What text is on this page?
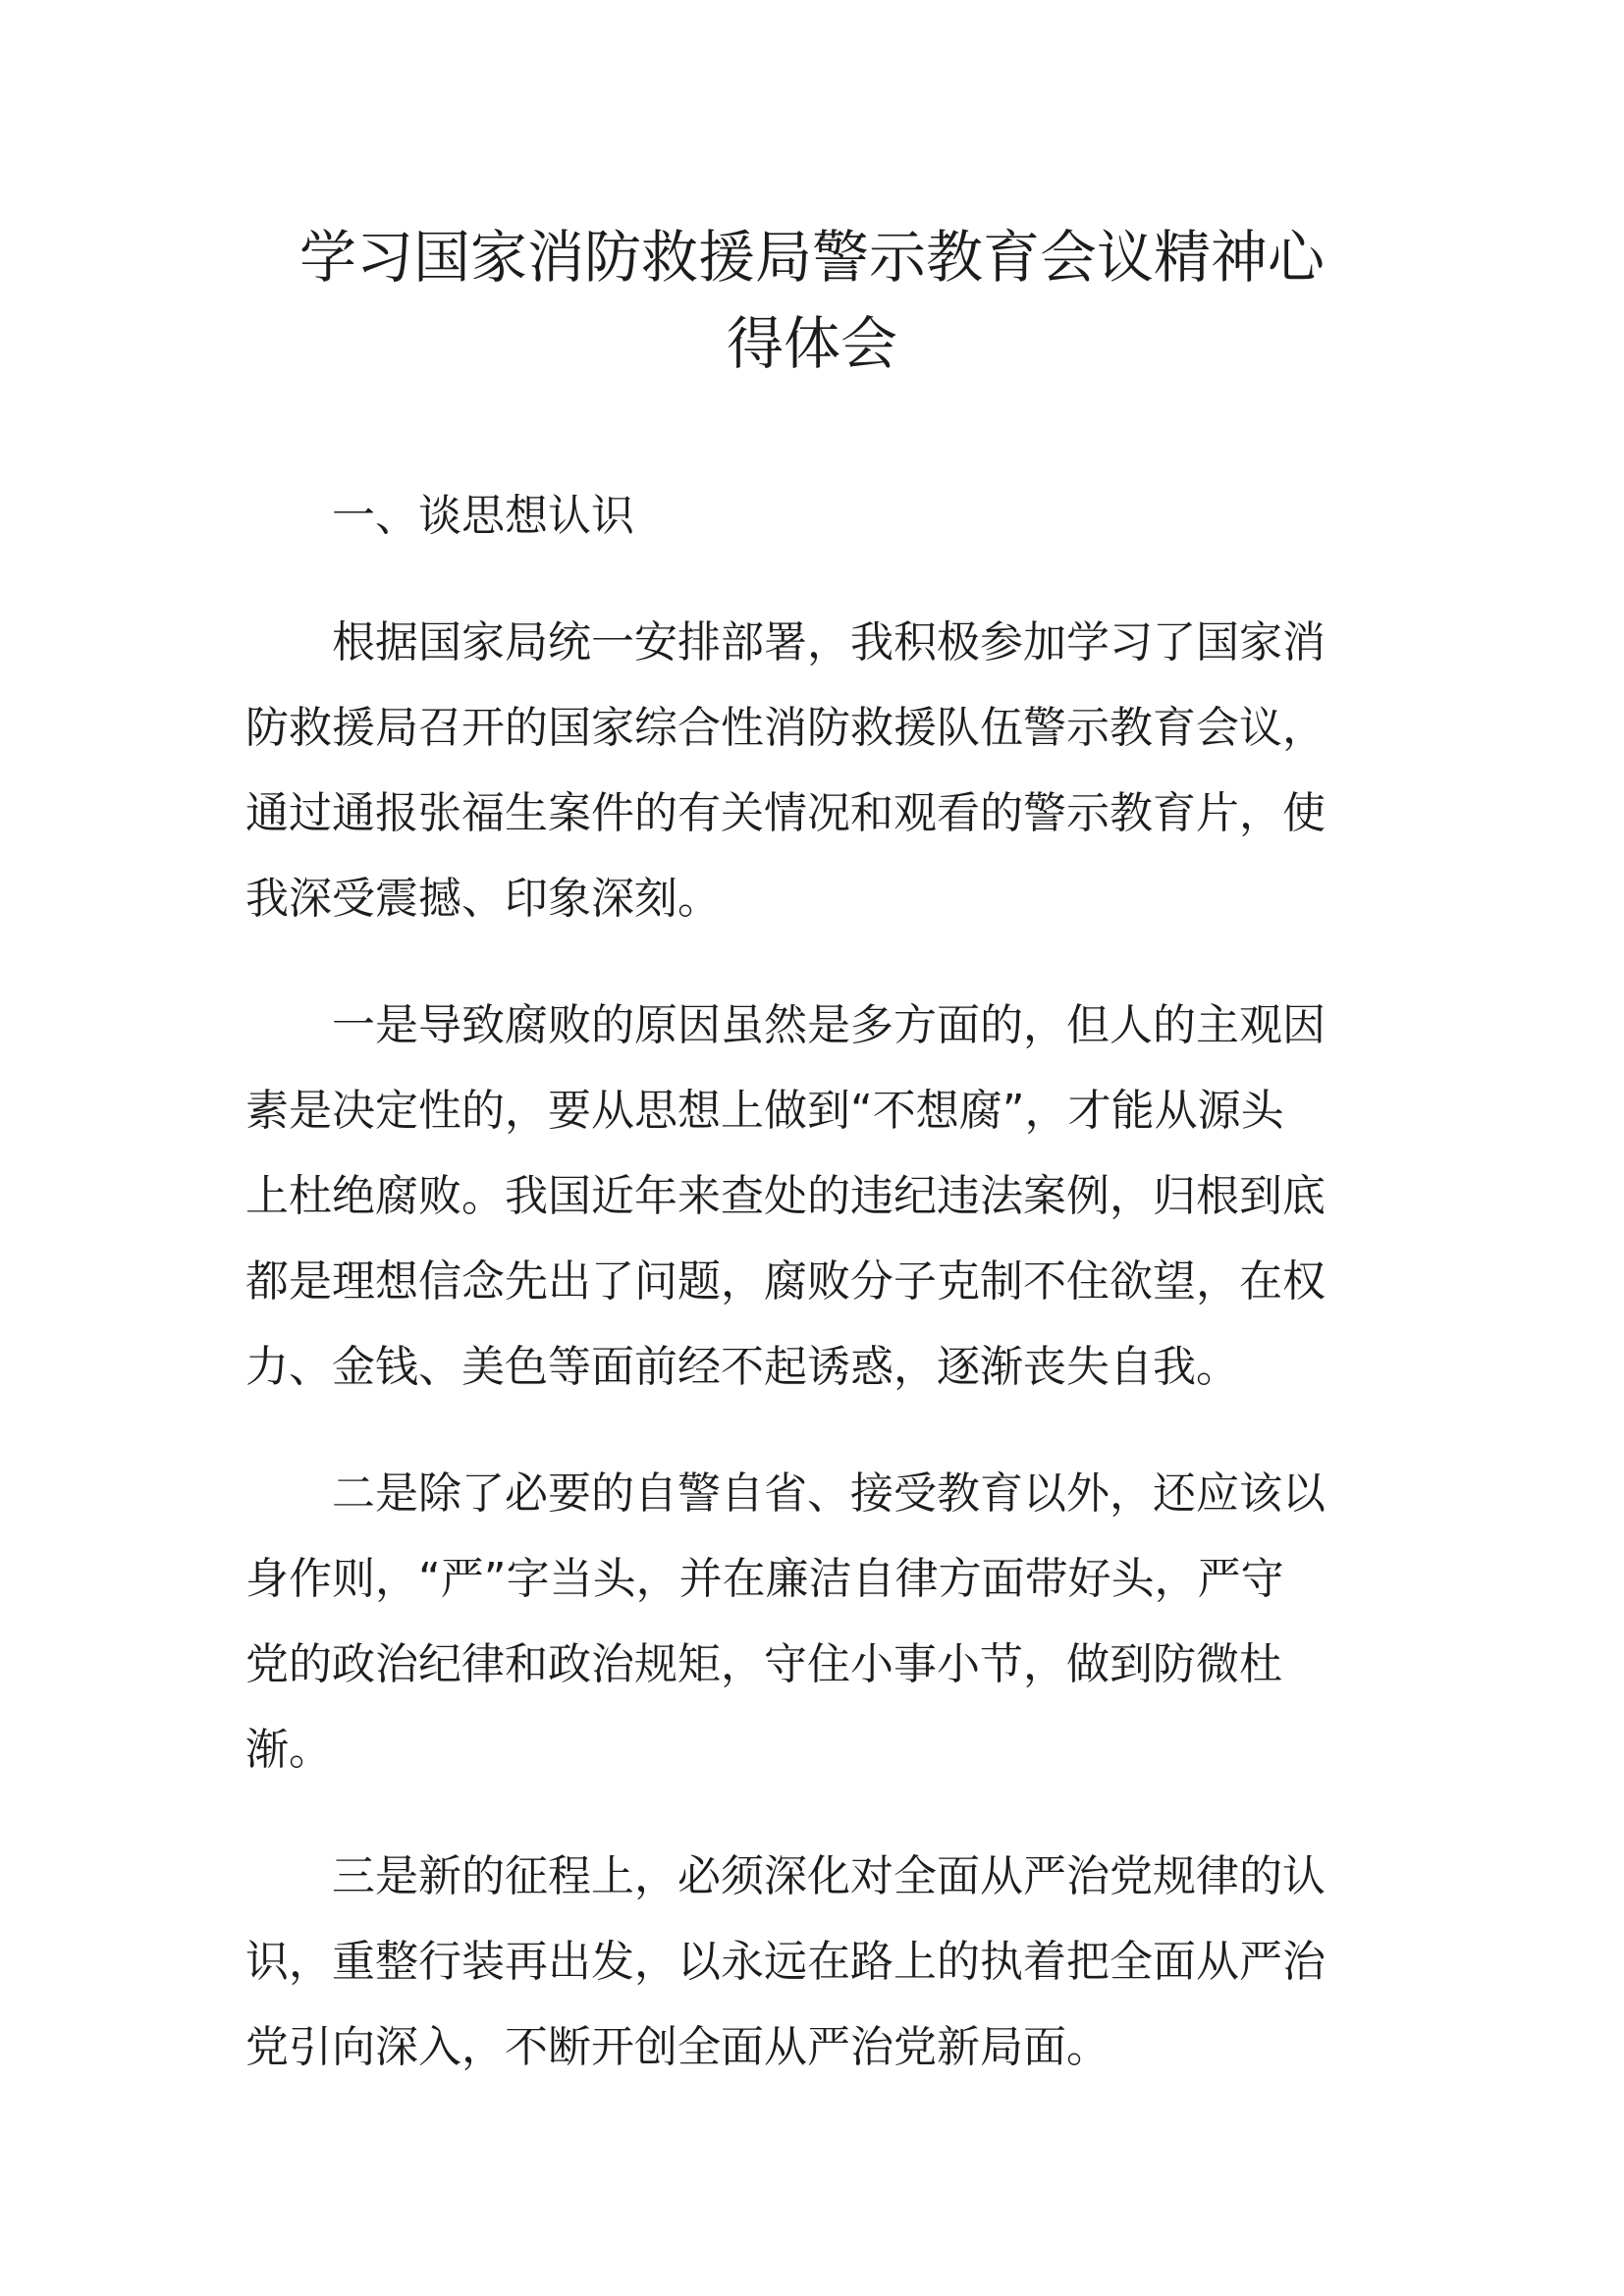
学习国家消防救援局警示教育会议精神心
得体会

一、谈思想认识

根据国家局统一安排部署，我积极参加学习了国家消
防救援局召开的国家综合性消防救援队伍警示教育会议，
通过通报张福生案件的有关情况和观看的警示教育片，使
我深受震撼、印象深刻。

一是导致腐败的原因虽然是多方面的，但人的主观因
素是决定性的，要从思想上做到“不想腐”，才能从源头
上杜绝腐败。我国近年来查处的违纪违法案例，归根到底
都是理想信念先出了问题，腐败分子克制不住欲望，在权
力、金钱、美色等面前经不起诱惑，逐渐丧失自我。

二是除了必要的自警自省、接受教育以外，还应该以
身作则，“严”字当头，并在廉洁自律方面带好头，严守
党的政治纪律和政治规矩，守住小事小节，做到防微杜
渐。

三是新的征程上，必须深化对全面从严治党规律的认
识，重整行装再出发，以永远在路上的执着把全面从严治
党引向深入，不断开创全面从严治党新局面。
